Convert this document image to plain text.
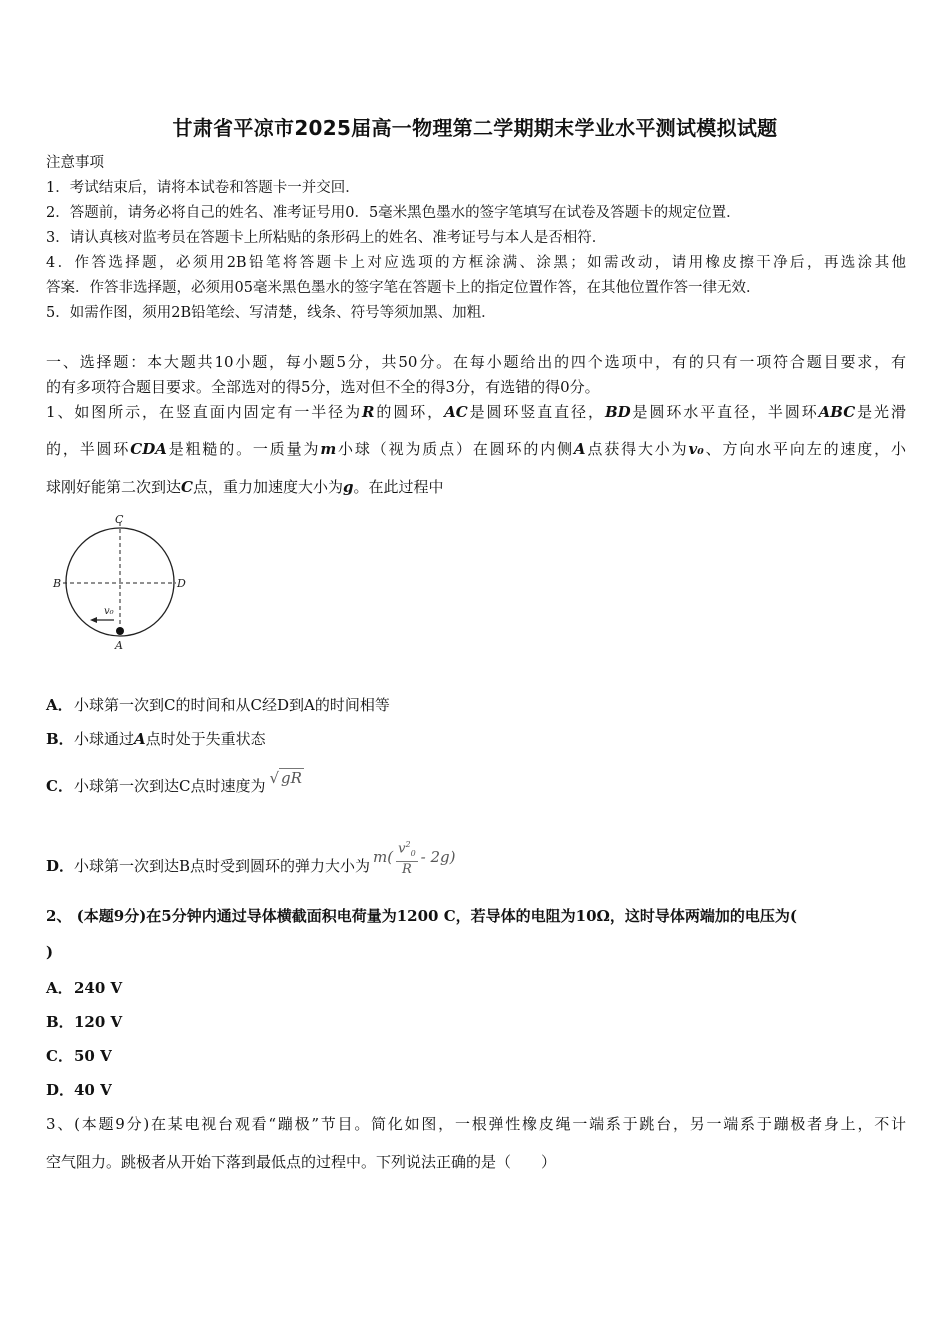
甘肃省平凉市2025届高一物理第二学期期末学业水平测试模拟试题
注意事项
1．考试结束后，请将本试卷和答题卡一并交回．
2．答题前，请务必将自己的姓名、准考证号用0．5毫米黑色墨水的签字笔填写在试卷及答题卡的规定位置．
3．请认真核对监考员在答题卡上所粘贴的条形码上的姓名、准考证号与本人是否相符．
4．作答选择题，必须用2B铅笔将答题卡上对应选项的方框涂满、涂黑；如需改动，请用橡皮擦干净后，再选涂其他
答案．作答非选择题，必须用05毫米黑色墨水的签字笔在答题卡上的指定位置作答，在其他位置作答一律无效．
5．如需作图，须用2B铅笔绘、写清楚，线条、符号等须加黑、加粗．
一、选择题：本大题共10小题，每小题5分，共50分。在每小题给出的四个选项中，有的只有一项符合题目要求，有
的有多项符合题目要求。全部选对的得5分，选对但不全的得3分，有选错的得0分。
1、如图所示，在竖直面内固定有一半径为R的圆环，AC是圆环竖直直径，BD是圆环水平直径，半圆环ABC是光滑
的，半圆环CDA是粗糙的。一质量为m小球（视为质点）在圆环的内侧A点获得大小为v₀、方向水平向左的速度，小
球刚好能第二次到达C点，重力加速度大小为g。在此过程中
C
B	D
A
v₀
A．小球第一次到C的时间和从C经D到A的时间相等
B．小球通过A点时处于失重状态
C．小球第一次到达C点时速度为 √ gR
D．小球第一次到达B点时受到圆环的弹力大小为 m( $v^2_0$
R
- 2g)
2、 (本题9分)在5分钟内通过导体横截面积电荷量为1200 C，若导体的电阻为10Ω，这时导体两端加的电压为(
)
A．240 V
B．120 V
C．50 V
D．40 V
3、(本题9分)在某电视台观看“蹦极”节目。简化如图，一根弹性橡皮绳一端系于跳台，另一端系于蹦极者身上，不计
空气阻力。跳极者从开始下落到最低点的过程中。下列说法正确的是（　　）
